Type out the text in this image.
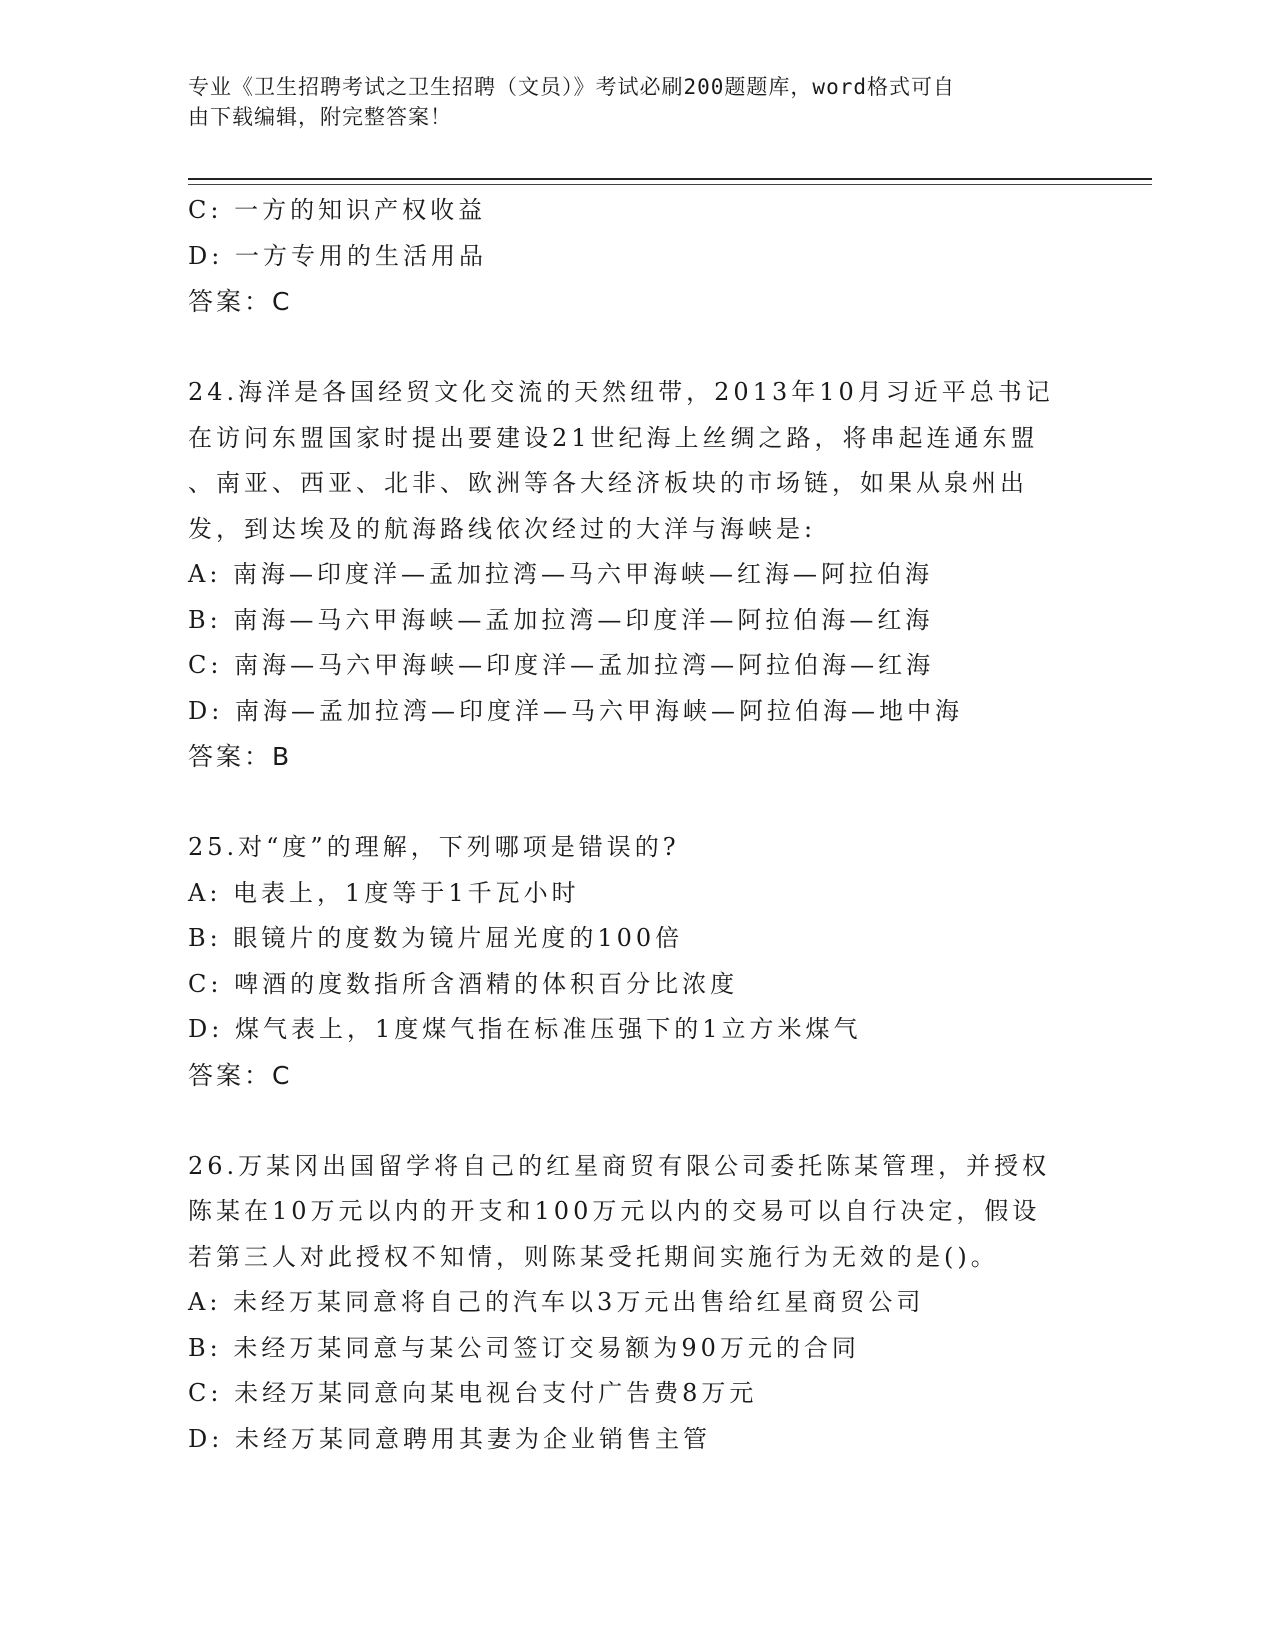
专业《卫生招聘考试之卫生招聘（文员）》考试必刷200题题库，word格式可自
由下载编辑，附完整答案！
C: 一方的知识产权收益
D: 一方专用的生活用品
答案：C
24.海洋是各国经贸文化交流的天然纽带，2013年10月习近平总书记
在访问东盟国家时提出要建设21世纪海上丝绸之路，将串起连通东盟
、南亚、西亚、北非、欧洲等各大经济板块的市场链，如果从泉州出
发，到达埃及的航海路线依次经过的大洋与海峡是:
A: 南海—印度洋—孟加拉湾—马六甲海峡—红海—阿拉伯海
B: 南海—马六甲海峡—孟加拉湾—印度洋—阿拉伯海—红海
C: 南海—马六甲海峡—印度洋—孟加拉湾—阿拉伯海—红海
D: 南海—孟加拉湾—印度洋—马六甲海峡—阿拉伯海—地中海
答案：B
25.对“度”的理解，下列哪项是错误的?
A: 电表上，1度等于1千瓦小时
B: 眼镜片的度数为镜片屈光度的100倍
C: 啤酒的度数指所含酒精的体积百分比浓度
D: 煤气表上，1度煤气指在标准压强下的1立方米煤气
答案：C
26.万某冈出国留学将自己的红星商贸有限公司委托陈某管理，并授权
陈某在10万元以内的开支和100万元以内的交易可以自行决定，假设
若第三人对此授权不知情，则陈某受托期间实施行为无效的是()。
A: 未经万某同意将自己的汽车以3万元出售给红星商贸公司
B: 未经万某同意与某公司签订交易额为90万元的合同
C: 未经万某同意向某电视台支付广告费8万元
D: 未经万某同意聘用其妻为企业销售主管
